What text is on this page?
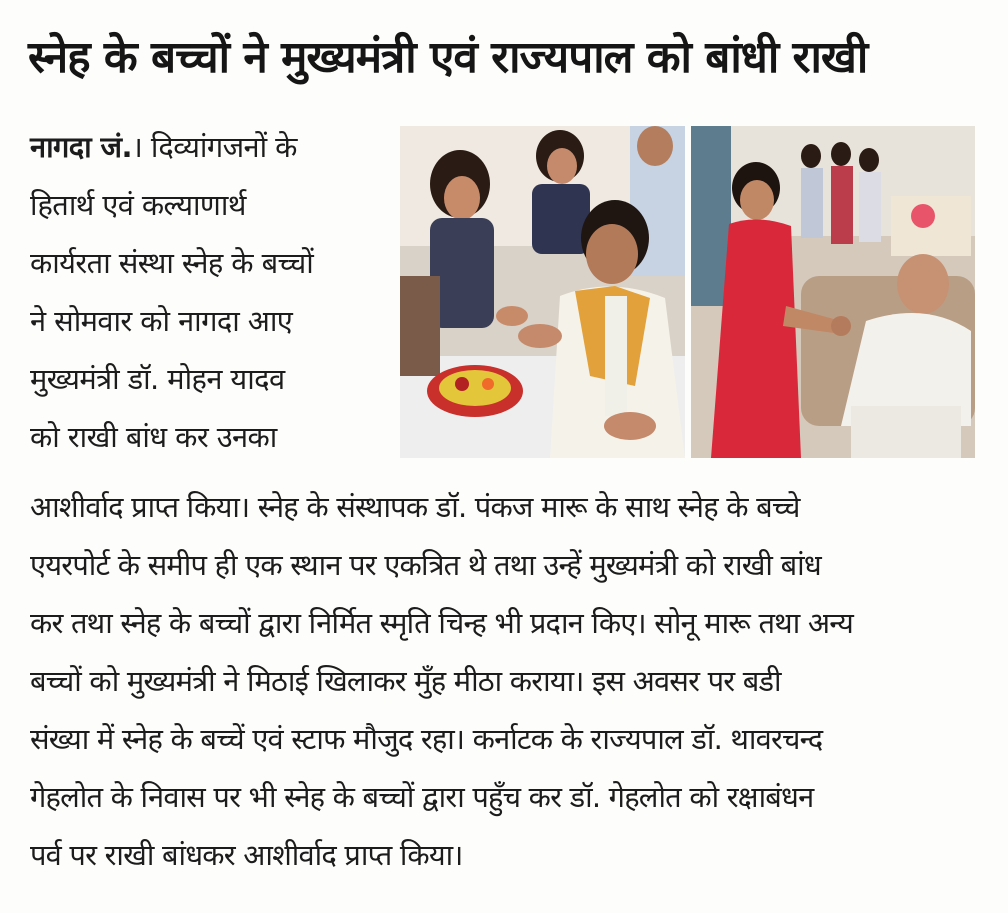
स्नेह के बच्चों ने मुख्यमंत्री एवं राज्यपाल को बांधी राखी
नागदा जं.। दिव्यांगजनों के
हितार्थ एवं कल्याणार्थ
कार्यरता संस्था स्नेह के बच्चों
ने सोमवार को नागदा आए
मुख्यमंत्री डॉ. मोहन यादव
को राखी बांध कर उनका
आशीर्वाद प्राप्त किया। स्नेह के संस्थापक डॉ. पंकज मारू के साथ स्नेह के बच्चे
एयरपोर्ट के समीप ही एक स्थान पर एकत्रित थे तथा उन्हें मुख्यमंत्री को राखी बांध
कर तथा स्नेह के बच्चों द्वारा निर्मित स्मृति चिन्ह भी प्रदान किए। सोनू मारू तथा अन्य
बच्चों को मुख्यमंत्री ने मिठाई खिलाकर मुँह मीठा कराया। इस अवसर पर बडी
संख्या में स्नेह के बच्चें एवं स्टाफ मौजुद रहा। कर्नाटक के राज्यपाल डॉ. थावरचन्द
गेहलोत के निवास पर भी स्नेह के बच्चों द्वारा पहुँच कर डॉ. गेहलोत को रक्षाबंधन
पर्व पर राखी बांधकर आशीर्वाद प्राप्त किया।
